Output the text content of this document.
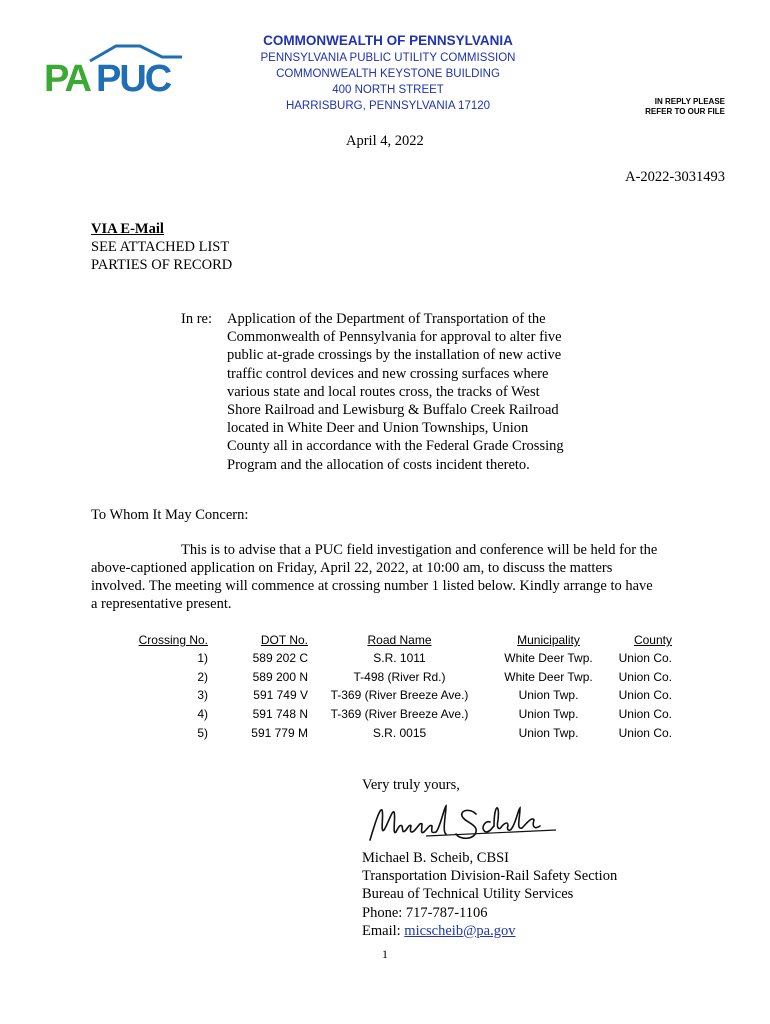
PA PUC
COMMONWEALTH OF PENNSYLVANIA
PENNSYLVANIA PUBLIC UTILITY COMMISSION
COMMONWEALTH KEYSTONE BUILDING
400 NORTH STREET
HARRISBURG, PENNSYLVANIA 17120	IN REPLY PLEASE
REFER TO OUR FILE
April 4, 2022
A-2022-3031493
VIA E-Mail
SEE ATTACHED LIST
PARTIES OF RECORD
In re: Application of the Department of Transportation of the
Commonwealth of Pennsylvania for approval to alter five
public at-grade crossings by the installation of new active
traffic control devices and new crossing surfaces where
various state and local routes cross, the tracks of West
Shore Railroad and Lewisburg & Buffalo Creek Railroad
located in White Deer and Union Townships, Union
County all in accordance with the Federal Grade Crossing
Program and the allocation of costs incident thereto.
To Whom It May Concern:
This is to advise that a PUC field investigation and conference will be held for the
above-captioned application on Friday, April 22, 2022, at 10:00 am, to discuss the matters
involved. The meeting will commence at crossing number 1 listed below. Kindly arrange to have
a representative present.
Crossing No.	DOT No.	Road Name	Municipality	County
1)	589 202 C	S.R. 1011	White Deer Twp.	Union Co.
2)	589 200 N	T-498 (River Rd.)	White Deer Twp.	Union Co.
3)	591 749 V	T-369 (River Breeze Ave.)	Union Twp.	Union Co.
4)	591 748 N	T-369 (River Breeze Ave.)	Union Twp.	Union Co.
5)	591 779 M	S.R. 0015	Union Twp.	Union Co.
Very truly yours,
Michael B. Scheib, CBSI
Transportation Division-Rail Safety Section
Bureau of Technical Utility Services
Phone: 717-787-1106
Email: micscheib@pa.gov
1
